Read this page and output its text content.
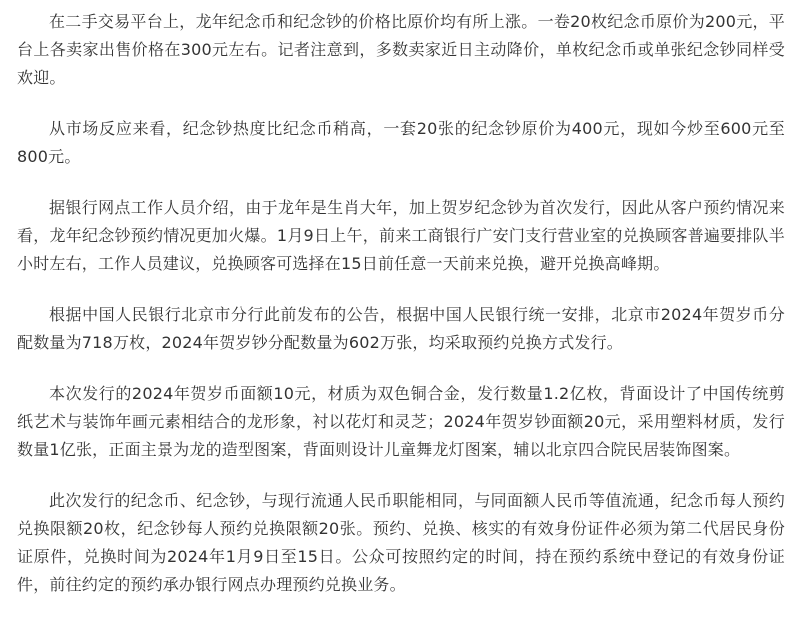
在二手交易平台上，龙年纪念币和纪念钞的价格比原价均有所上涨。一卷20枚纪念币原价为200元，平台上各卖家出售价格在300元左右。记者注意到，多数卖家近日主动降价，单枚纪念币或单张纪念钞同样受欢迎。

从市场反应来看，纪念钞热度比纪念币稍高，一套20张的纪念钞原价为400元，现如今炒至600元至800元。

据银行网点工作人员介绍，由于龙年是生肖大年，加上贺岁纪念钞为首次发行，因此从客户预约情况来看，龙年纪念钞预约情况更加火爆。1月9日上午，前来工商银行广安门支行营业室的兑换顾客普遍要排队半小时左右，工作人员建议，兑换顾客可选择在15日前任意一天前来兑换，避开兑换高峰期。

根据中国人民银行北京市分行此前发布的公告，根据中国人民银行统一安排，北京市2024年贺岁币分配数量为718万枚，2024年贺岁钞分配数量为602万张，均采取预约兑换方式发行。

本次发行的2024年贺岁币面额10元，材质为双色铜合金，发行数量1.2亿枚，背面设计了中国传统剪纸艺术与装饰年画元素相结合的龙形象，衬以花灯和灵芝；2024年贺岁钞面额20元，采用塑料材质，发行数量1亿张，正面主景为龙的造型图案，背面则设计儿童舞龙灯图案，辅以北京四合院民居装饰图案。

此次发行的纪念币、纪念钞，与现行流通人民币职能相同，与同面额人民币等值流通，纪念币每人预约兑换限额20枚，纪念钞每人预约兑换限额20张。预约、兑换、核实的有效身份证件必须为第二代居民身份证原件，兑换时间为2024年1月9日至15日。公众可按照约定的时间，持在预约系统中登记的有效身份证件，前往约定的预约承办银行网点办理预约兑换业务。
